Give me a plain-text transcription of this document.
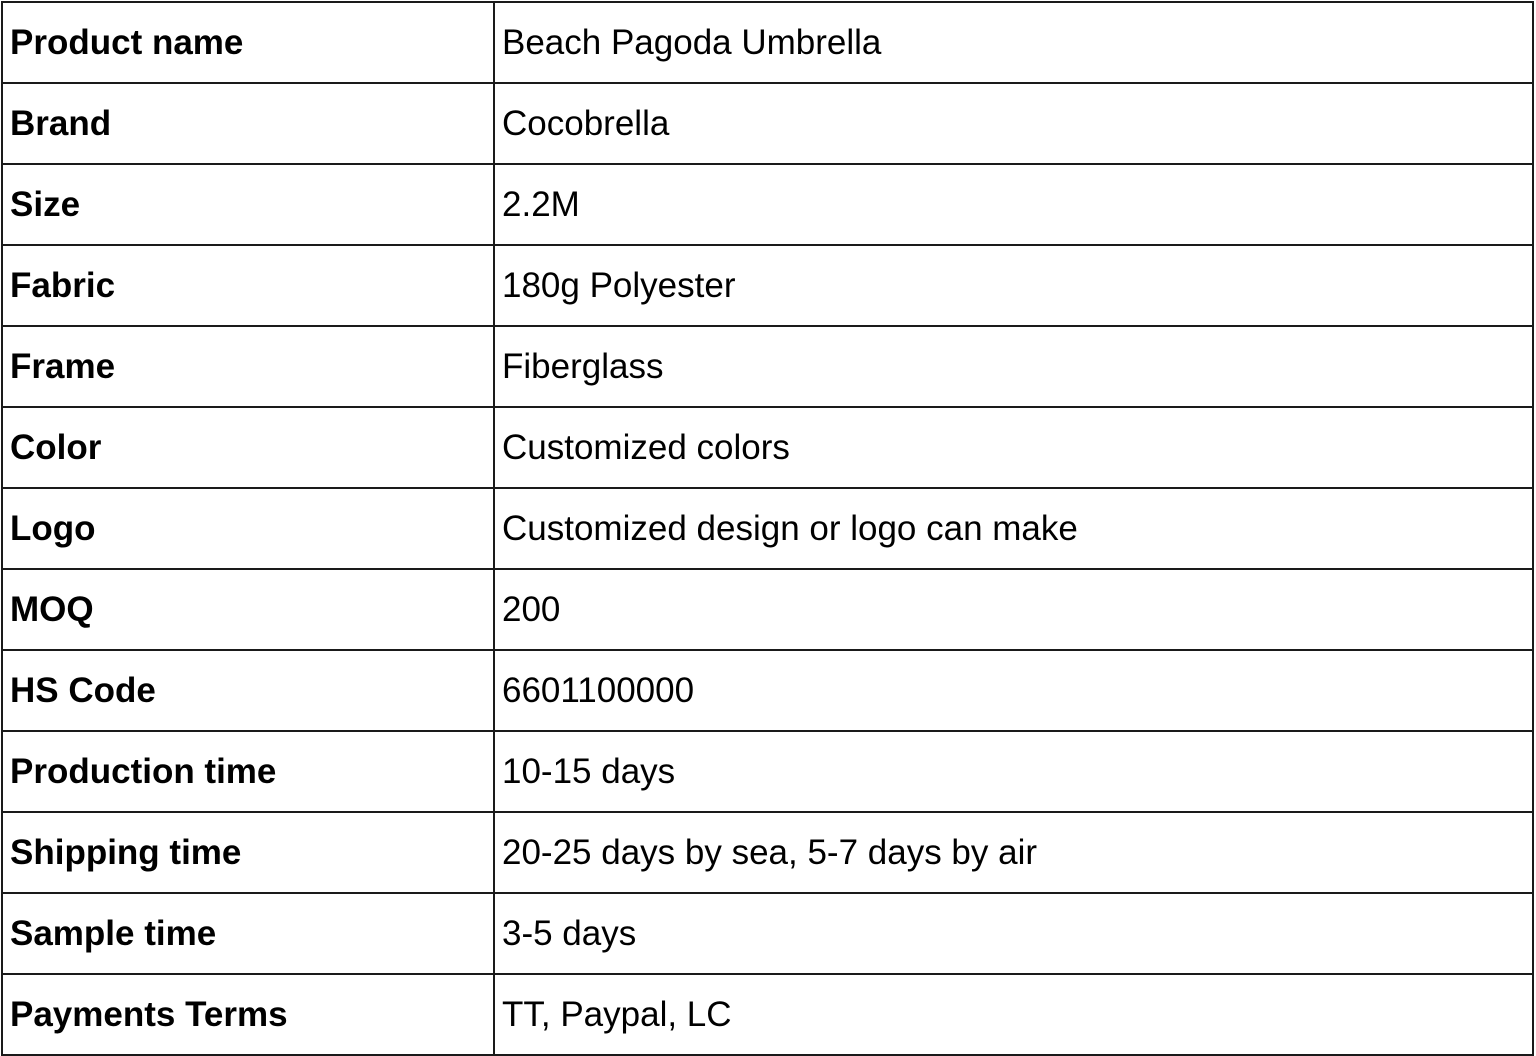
Product name	Beach Pagoda Umbrella
Brand	Cocobrella
Size	2.2M
Fabric	180g Polyester
Frame	Fiberglass
Color	Customized colors
Logo	Customized design or logo can make
MOQ	200
HS Code	6601100000
Production time	10-15 days
Shipping time	20-25 days by sea, 5-7 days by air
Sample time	3-5 days
Payments Terms	TT, Paypal, LC
